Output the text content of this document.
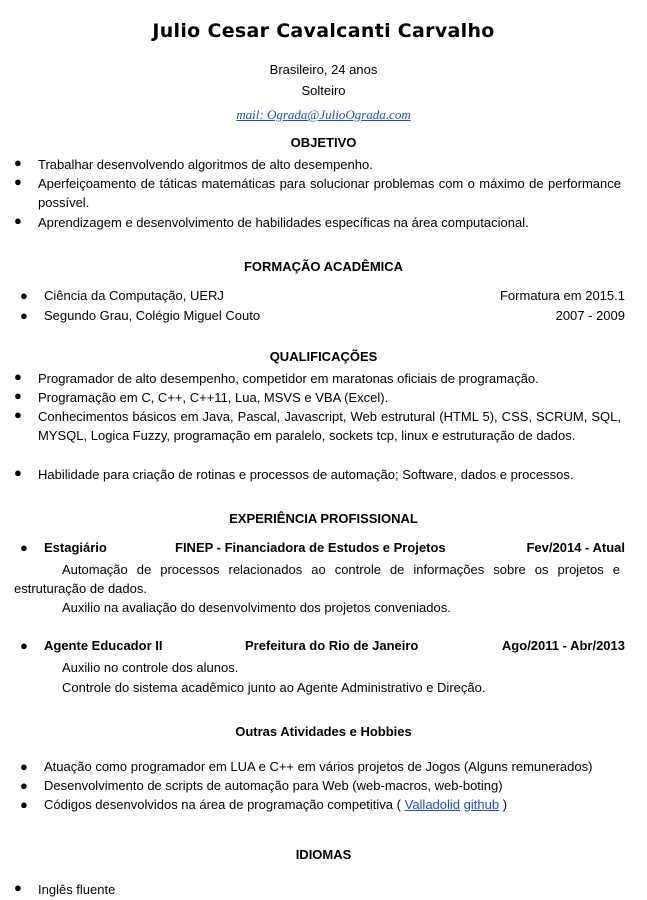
Julio Cesar Cavalcanti Carvalho
Brasileiro, 24 anos
Solteiro
mail: Ograda@JulioOgrada.com
OBJETIVO
● Trabalhar desenvolvendo algoritmos de alto desempenho.
● Aperfeiçoamento de táticas matemáticas para solucionar problemas com o máximo de performance possível.
● Aprendizagem e desenvolvimento de habilidades específicas na área computacional.
FORMAÇÃO ACADÊMICA
● Ciência da Computação, UERJ	Formatura em 2015.1
● Segundo Grau, Colégio Miguel Couto	2007 - 2009
QUALIFICAÇÕES
● Programador de alto desempenho, competidor em maratonas oficiais de programação.
● Programação em C, C++, C++11, Lua, MSVS e VBA (Excel).
● Conhecimentos básicos em Java, Pascal, Javascript, Web estrutural (HTML 5), CSS, SCRUM, SQL, MYSQL, Logica Fuzzy, programação em paralelo, sockets tcp, linux e estruturação de dados.
● Habilidade para criação de rotinas e processos de automação; Software, dados e processos.
EXPERIÊNCIA PROFISSIONAL
● Estagiário	FINEP - Financiadora de Estudos e Projetos	Fev/2014 - Atual
Automação de processos relacionados ao controle de informações sobre os projetos e estruturação de dados.
Auxilio na avaliação do desenvolvimento dos projetos conveniados.
● Agente Educador II	Prefeitura do Rio de Janeiro	Ago/2011 - Abr/2013
Auxilio no controle dos alunos.
Controle do sistema acadêmico junto ao Agente Administrativo e Direção.
Outras Atividades e Hobbies
● Atuação como programador em LUA e C++ em vários projetos de Jogos (Alguns remunerados)
● Desenvolvimento de scripts de automação para Web (web-macros, web-boting)
● Códigos desenvolvidos na área de programação competitiva ( Valladolid github )
IDIOMAS
● Inglês fluente
